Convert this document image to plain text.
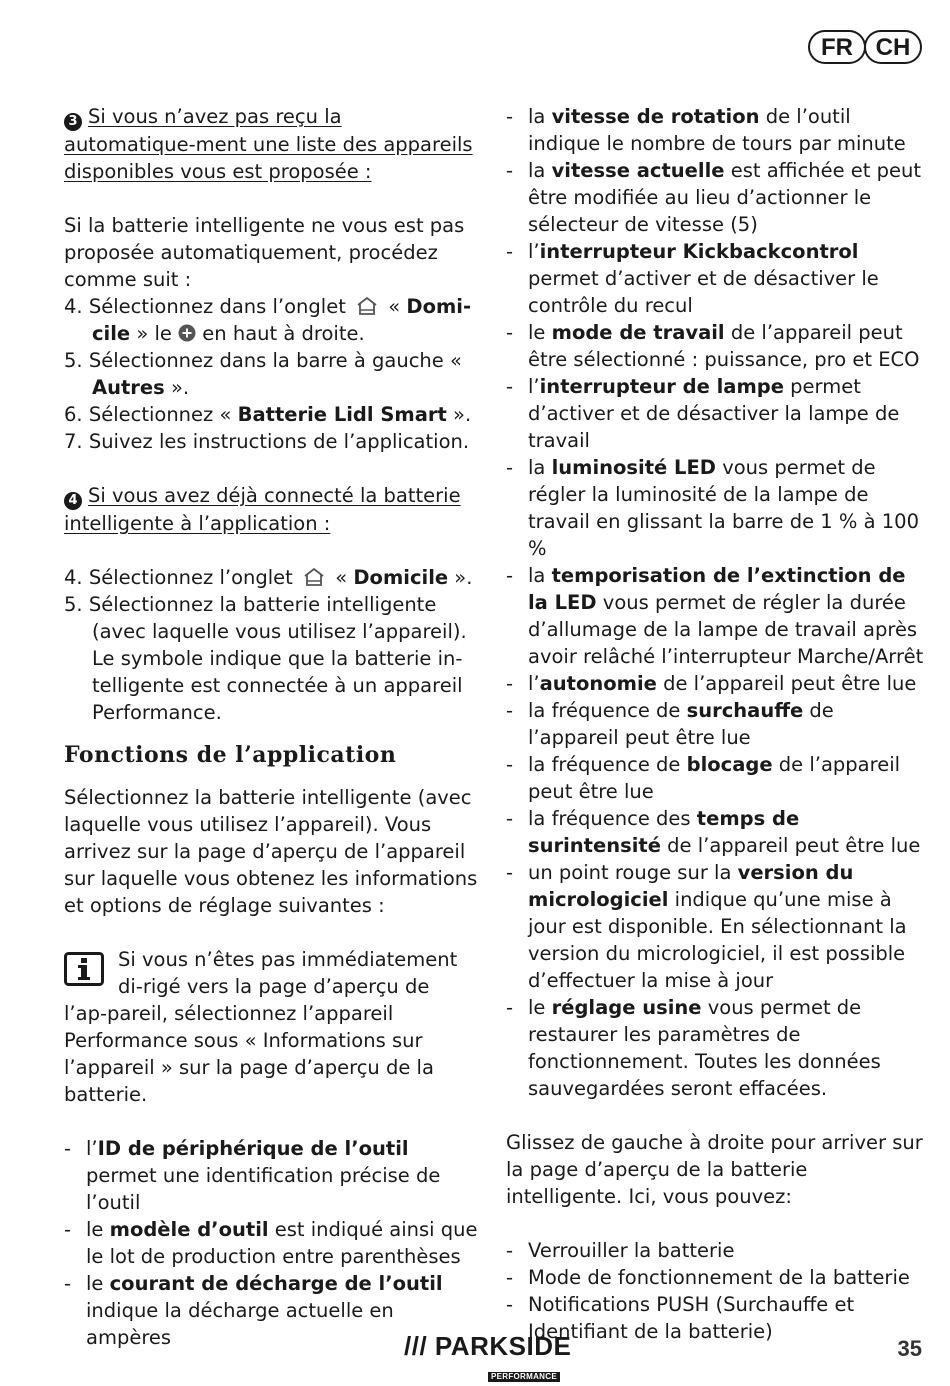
FR CH

3 Si vous n’avez pas reçu la automatique-ment une liste des appareils disponibles vous est proposée :

Si la batterie intelligente ne vous est pas proposée automatiquement, procédez comme suit :

4. Sélectionnez dans l’onglet « Domi-cile » le  en haut à droite.

5. Sélectionnez dans la barre à gauche « Autres ».

6. Sélectionnez « Batterie Lidl Smart ».

7. Suivez les instructions de l’application.

4 Si vous avez déjà connecté la batterie intelligente à l’application :

4. Sélectionnez l’onglet « Domicile ».

5. Sélectionnez la batterie intelligente (avec laquelle vous utilisez l’appareil). Le symbole indique que la batterie in-telligente est connectée à un appareil Performance.

Fonctions de l’application

Sélectionnez la batterie intelligente (avec laquelle vous utilisez l’appareil). Vous arrivez sur la page d’aperçu de l’appareil sur laquelle vous obtenez les informations et options de réglage suivantes :

Si vous n’êtes pas immédiatement di-rigé vers la page d’aperçu de l’ap-pareil, sélectionnez l’appareil Performance sous « Informations sur l’appareil » sur la page d’aperçu de la batterie.

- l’ID de périphérique de l’outil permet une identification précise de l’outil

- le modèle d’outil est indiqué ainsi que le lot de production entre parenthèses

- le courant de décharge de l’outil indique la décharge actuelle en ampères

- la vitesse de rotation de l’outil indique le nombre de tours par minute

- la vitesse actuelle est affichée et peut être modifiée au lieu d’actionner le sélecteur de vitesse (5)

- l’interrupteur Kickbackcontrol permet d’activer et de désactiver le contrôle du recul

- le mode de travail de l’appareil peut être sélectionné : puissance, pro et ECO

- l’interrupteur de lampe permet d’activer et de désactiver la lampe de travail

- la luminosité LED vous permet de régler la luminosité de la lampe de travail en glissant la barre de 1 % à 100 %

- la temporisation de l’extinction de la LED vous permet de régler la durée d’allumage de la lampe de travail après avoir relâché l’interrupteur Marche/Arrêt

- l’autonomie de l’appareil peut être lue

- la fréquence de surchauffe de l’appareil peut être lue

- la fréquence de blocage de l’appareil peut être lue

- la fréquence des temps de surintensité de l’appareil peut être lue

- un point rouge sur la version du micrologiciel indique qu’une mise à jour est disponible. En sélectionnant la version du micrologiciel, il est possible d’effectuer la mise à jour

- le réglage usine vous permet de restaurer les paramètres de fonctionnement. Toutes les données sauvegardées seront effacées.

Glissez de gauche à droite pour arriver sur la page d’aperçu de la batterie intelligente. Ici, vous pouvez:

- Verrouiller la batterie

- Mode de fonctionnement de la batterie

- Notifications PUSH (Surchauffe et Identifiant de la batterie)

/// PARKSIDE
PERFORMANCE
35
